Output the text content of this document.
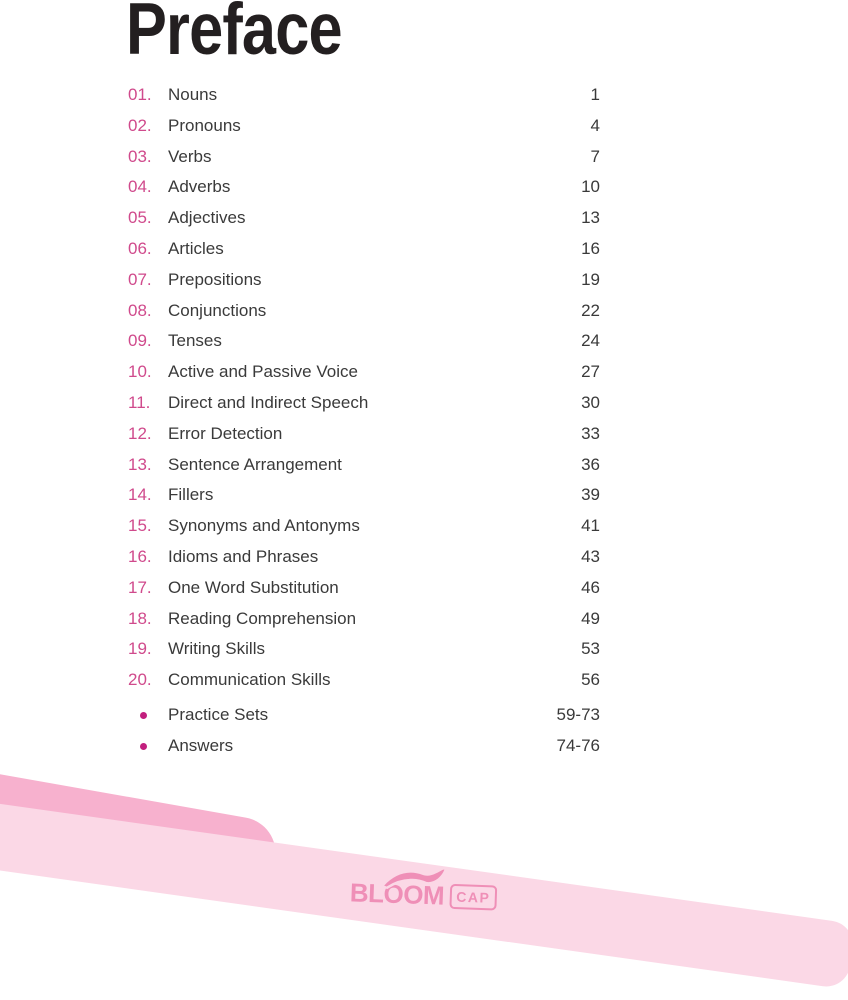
Preface
01. Nouns	1
02. Pronouns	4
03. Verbs	7
04. Adverbs	10
05. Adjectives	13
06. Articles	16
07. Prepositions	19
08. Conjunctions	22
09. Tenses	24
10. Active and Passive Voice	27
11.	Direct and Indirect Speech	30
12. Error Detection	33
13. Sentence Arrangement	36
14. Fillers	39
15. Synonyms and Antonyms	41
16. Idioms and Phrases	43
17. One Word Substitution	46
18. Reading Comprehension	49
19. Writing Skills	53
20. Communication Skills	56
Practice Sets	59-73
Answers	74-76
BLOOM CAP
